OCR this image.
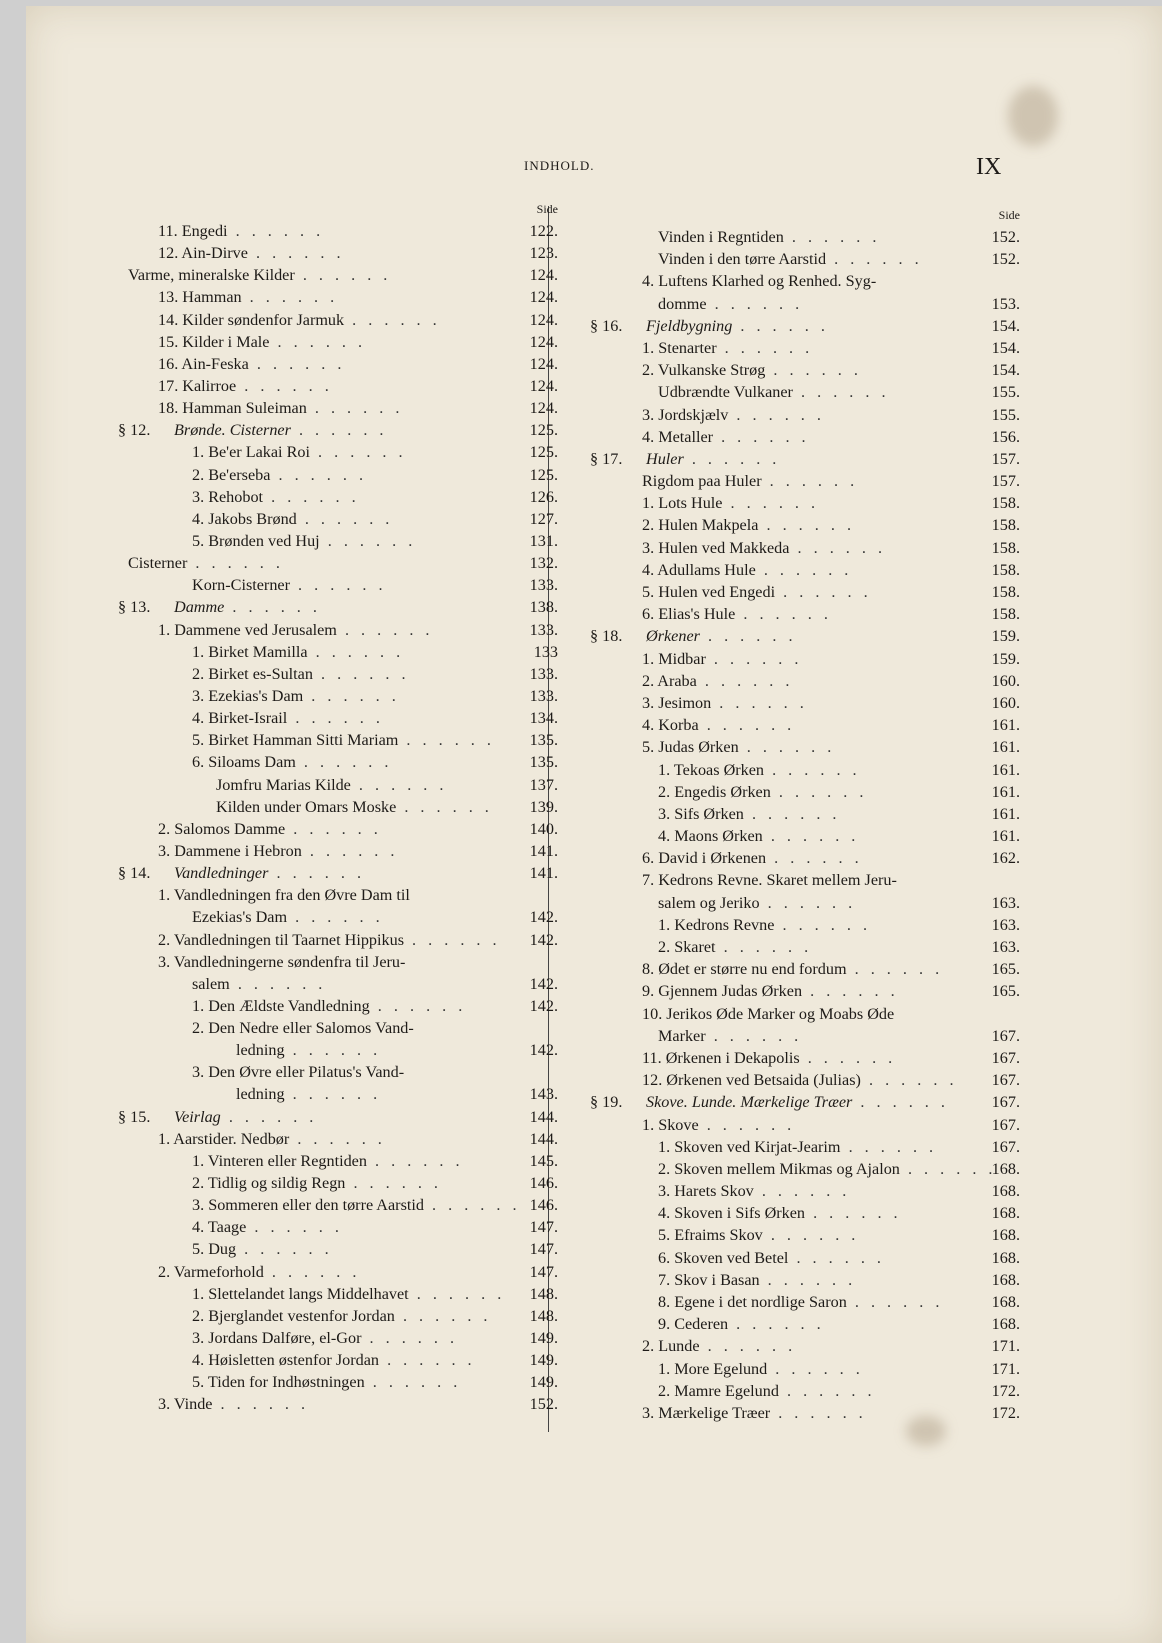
INDHOLD.	IX
Side
11. Engedi . . . . . .	122.
12. Ain-Dirve . . . . . .	123.
Varme, mineralske Kilder . . . . . .	124.
13. Hamman . . . . . .	124.
14. Kilder søndenfor Jarmuk . . . . . .	124.
15. Kilder i Male . . . . . .	124.
16. Ain-Feska . . . . . .	124.
17. Kalirroe . . . . . .	124.
18. Hamman Suleiman . . . . . .	124.
§ 12. Brønde. Cisterner . . . . . .	125.
1. Be'er Lakai Roi . . . . . .	125.
2. Be'erseba . . . . . .	125.
3. Rehobot . . . . . .	126.
4. Jakobs Brønd . . . . . .	127.
5. Brønden ved Huj . . . . . .	131.
Cisterner . . . . . .	132.
Korn-Cisterner . . . . . .	133.
§ 13. Damme . . . . . .	138.
1. Dammene ved Jerusalem . . . . . .	133.
1. Birket Mamilla . . . . . .	133
2. Birket es-Sultan . . . . . .	133.
3. Ezekias's Dam . . . . . .	133.
4. Birket-Israil . . . . . .	134.
5. Birket Hamman Sitti Mariam . . . . . . 135.
6. Siloams Dam . . . . . .	135.
Jomfru Marias Kilde . . . . . .	137.
Kilden under Omars Moske . . . . . . 139.
2. Salomos Damme . . . . . .	140.
3. Dammene i Hebron . . . . . .	141.
§ 14. Vandledninger . . . . . .	141.
1. Vandledningen fra den Øvre Dam til
Ezekias's Dam . . . . . .	142.
2. Vandledningen til Taarnet Hippikus . . . . . . 142.
3. Vandledningerne søndenfra til Jeru-
salem . . . . . .	142.
1. Den Ældste Vandledning . . . . . .	142.
2. Den Nedre eller Salomos Vand-
ledning . . . . . .	142.
3. Den Øvre eller Pilatus's Vand-
ledning . . . . . .	143.
§ 15. Veirlag . . . . . .	144.
1. Aarstider. Nedbør . . . . . .	144.
1. Vinteren eller Regntiden . . . . . .	145.
2. Tidlig og sildig Regn . . . . . .	146.
3. Sommeren eller den tørre Aarstid . . . . . . 146.
4. Taage . . . . . .	147.
5. Dug . . . . . .	147.
2. Varmeforhold . . . . . .	147.
1. Slettelandet langs Middelhavet . . . . . . 148.
2. Bjerglandet vestenfor Jordan . . . . . . 148.
3. Jordans Dalføre, el-Gor . . . . . .	149.
4. Høisletten østenfor Jordan . . . . . .	149.
5. Tiden for Indhøstningen . . . . . .	149.
3. Vinde . . . . . .	152.
Side
Vinden i Regntiden . . . . . .	152.
Vinden i den tørre Aarstid . . . . . .	152.
4. Luftens Klarhed og Renhed. Syg-
domme . . . . . .	153.
§ 16. Fjeldbygning . . . . . .	154.
1. Stenarter . . . . . .	154.
2. Vulkanske Strøg . . . . . .	154.
Udbrændte Vulkaner . . . . . .	155.
3. Jordskjælv . . . . . .	155.
4. Metaller . . . . . .	156.
§ 17. Huler . . . . . .	157.
Rigdom paa Huler . . . . . .	157.
1. Lots Hule . . . . . .	158.
2. Hulen Makpela . . . . . .	158.
3. Hulen ved Makkeda . . . . . .	158.
4. Adullams Hule . . . . . .	158.
5. Hulen ved Engedi . . . . . .	158.
6. Elias's Hule . . . . . .	158.
§ 18. Ørkener . . . . . .	159.
1. Midbar . . . . . .	159.
2. Araba . . . . . .	160.
3. Jesimon . . . . . .	160.
4. Korba . . . . . .	161.
5. Judas Ørken . . . . . .	161.
1. Tekoas Ørken . . . . . .	161.
2. Engedis Ørken . . . . . .	161.
3. Sifs Ørken . . . . . .	161.
4. Maons Ørken . . . . . .	161.
6. David i Ørkenen . . . . . .	162.
7. Kedrons Revne. Skaret mellem Jeru-
salem og Jeriko . . . . . .	163.
1. Kedrons Revne . . . . . .	163.
2. Skaret . . . . . .	163.
8. Ødet er større nu end fordum . . . . . .	165.
9. Gjennem Judas Ørken . . . . . .	165.
10. Jerikos Øde Marker og Moabs Øde
Marker . . . . . .	167.
11. Ørkenen i Dekapolis . . . . . .	167.
12. Ørkenen ved Betsaida (Julias) . . . . . . 167.
§ 19. Skove. Lunde. Mærkelige Træer . . . . . .	167.
1. Skove . . . . . .	167.
1. Skoven ved Kirjat-Jearim . . . . . .	167.
2. Skoven mellem Mikmas og Ajalon . . . . . .
168.
3. Harets Skov . . . . . .	168.
4. Skoven i Sifs Ørken . . . . . .	168.
5. Efraims Skov . . . . . .	168.
6. Skoven ved Betel . . . . . .	168.
7. Skov i Basan . . . . . .	168.
8. Egene i det nordlige Saron . . . . . .	168.
9. Cederen . . . . . .	168.
2. Lunde . . . . . .	171.
1. More Egelund . . . . . .	171.
2. Mamre Egelund . . . . . .	172.
3. Mærkelige Træer . . . . . .	172.
